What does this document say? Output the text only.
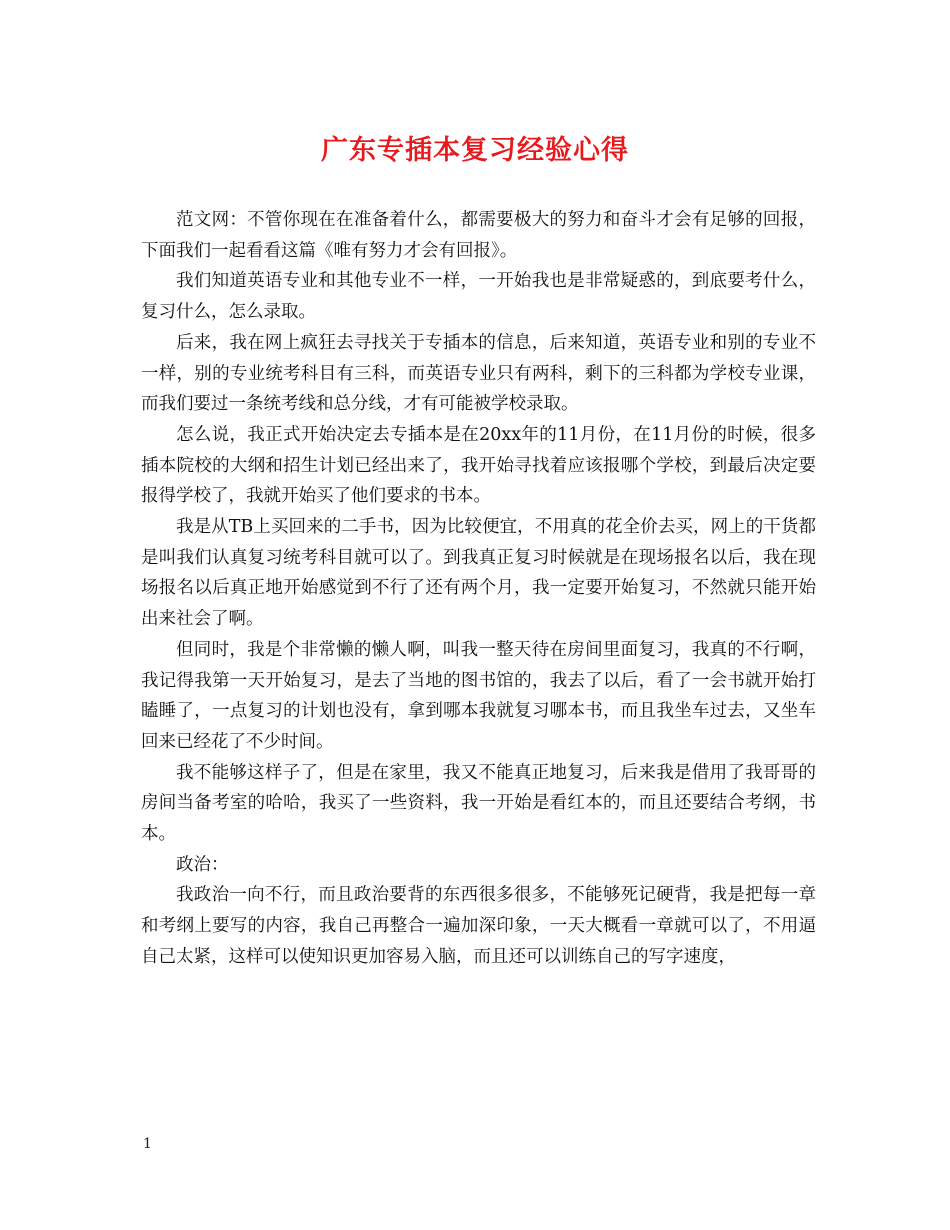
广东专插本复习经验心得

范文网：不管你现在在准备着什么，都需要极大的努力和奋斗才会有足够的回报，下面我们一起看看这篇《唯有努力才会有回报》。

我们知道英语专业和其他专业不一样，一开始我也是非常疑惑的，到底要考什么，复习什么，怎么录取。

后来，我在网上疯狂去寻找关于专插本的信息，后来知道，英语专业和别的专业不一样，别的专业统考科目有三科，而英语专业只有两科，剩下的三科都为学校专业课，而我们要过一条统考线和总分线，才有可能被学校录取。

怎么说，我正式开始决定去专插本是在20xx年的11月份，在11月份的时候，很多插本院校的大纲和招生计划已经出来了，我开始寻找着应该报哪个学校，到最后决定要报得学校了，我就开始买了他们要求的书本。

我是从TB上买回来的二手书，因为比较便宜，不用真的花全价去买，网上的干货都是叫我们认真复习统考科目就可以了。到我真正复习时候就是在现场报名以后，我在现场报名以后真正地开始感觉到不行了还有两个月，我一定要开始复习，不然就只能开始出来社会了啊。

但同时，我是个非常懒的懒人啊，叫我一整天待在房间里面复习，我真的不行啊，我记得我第一天开始复习，是去了当地的图书馆的，我去了以后，看了一会书就开始打瞌睡了，一点复习的计划也没有，拿到哪本我就复习哪本书，而且我坐车过去，又坐车回来已经花了不少时间。

我不能够这样子了，但是在家里，我又不能真正地复习，后来我是借用了我哥哥的房间当备考室的哈哈，我买了一些资料，我一开始是看红本的，而且还要结合考纲，书本。

政治：

我政治一向不行，而且政治要背的东西很多很多，不能够死记硬背，我是把每一章和考纲上要写的内容，我自己再整合一遍加深印象，一天大概看一章就可以了，不用逼自己太紧，这样可以使知识更加容易入脑，而且还可以训练自己的写字速度，

1
